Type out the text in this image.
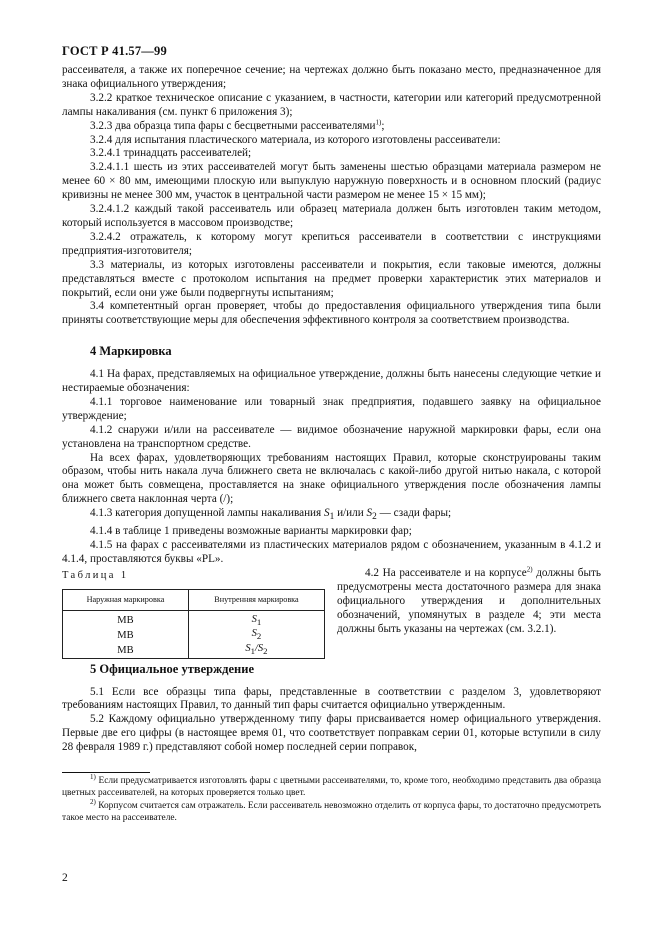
ГОСТ Р 41.57—99

рассеивателя, а также их поперечное сечение; на чертежах должно быть показано место, предназначенное для знака официального утверждения;

3.2.2 краткое техническое описание с указанием, в частности, категории или категорий предусмотренной лампы накаливания (см. пункт 6 приложения 3);

3.2.3 два образца типа фары с бесцветными рассеивателями$^{1)}$;

3.2.4 для испытания пластического материала, из которого изготовлены рассеиватели:

3.2.4.1 тринадцать рассеивателей;

3.2.4.1.1 шесть из этих рассеивателей могут быть заменены шестью образцами материала размером не менее 60 × 80 мм, имеющими плоскую или выпуклую наружную поверхность и в основном плоский (радиус кривизны не менее 300 мм, участок в центральной части размером не менее 15 × 15 мм);

3.2.4.1.2 каждый такой рассеиватель или образец материала должен быть изготовлен таким методом, который используется в массовом производстве;

3.2.4.2 отражатель, к которому могут крепиться рассеиватели в соответствии с инструкциями предприятия-изготовителя;

3.3 материалы, из которых изготовлены рассеиватели и покрытия, если таковые имеются, должны представляться вместе с протоколом испытания на предмет проверки характеристик этих материалов и покрытий, если они уже были подвергнуты испытаниям;

3.4 компетентный орган проверяет, чтобы до предоставления официального утверждения типа были приняты соответствующие меры для обеспечения эффективного контроля за соответствием производства.

4 Маркировка

4.1 На фарах, представляемых на официальное утверждение, должны быть нанесены следующие четкие и нестираемые обозначения:

4.1.1 торговое наименование или товарный знак предприятия, подавшего заявку на официальное утверждение;

4.1.2 снаружи и/или на рассеивателе — видимое обозначение наружной маркировки фары, если она установлена на транспортном средстве.

На всех фарах, удовлетворяющих требованиям настоящих Правил, которые сконструированы таким образом, чтобы нить накала луча ближнего света не включалась с какой-либо другой нитью накала, с которой она может быть совмещена, проставляется на знаке официального утверждения после обозначения лампы ближнего света наклонная черта (/);

4.1.3 категория допущенной лампы накаливания $S_1$ и/или $S_2$ — сзади фары;

4.1.4 в таблице 1 приведены возможные варианты маркировки фар;

4.1.5 на фарах с рассеивателями из пластических материалов рядом с обозначением, указанным в 4.1.2 и 4.1.4, проставляются буквы «PL».

Таблица 1
Наружная маркировка	Внутренняя маркировка
МВ	$S_1$
МВ	$S_2$
МВ	$S_1/S_2$

4.2 На рассеивателе и на корпусе$^{2)}$ должны быть предусмотрены места достаточного размера для знака официального утверждения и дополнительных обозначений, упомянутых в разделе 4; эти места должны быть указаны на чертежах (см. 3.2.1).

5 Официальное утверждение

5.1 Если все образцы типа фары, представленные в соответствии с разделом 3, удовлетворяют требованиям настоящих Правил, то данный тип фары считается официально утвержденным.

5.2 Каждому официально утвержденному типу фары присваивается номер официального утверждения. Первые две его цифры (в настоящее время 01, что соответствует поправкам серии 01, которые вступили в силу 28 февраля 1989 г.) представляют собой номер последней серии поправок,

$^{1)}$ Если предусматривается изготовлять фары с цветными рассеивателями, то, кроме того, необходимо представить два образца цветных рассеивателей, на которых проверяется только цвет.

$^{2)}$ Корпусом считается сам отражатель. Если рассеиватель невозможно отделить от корпуса фары, то достаточно предусмотреть такое место на рассеивателе.

2
